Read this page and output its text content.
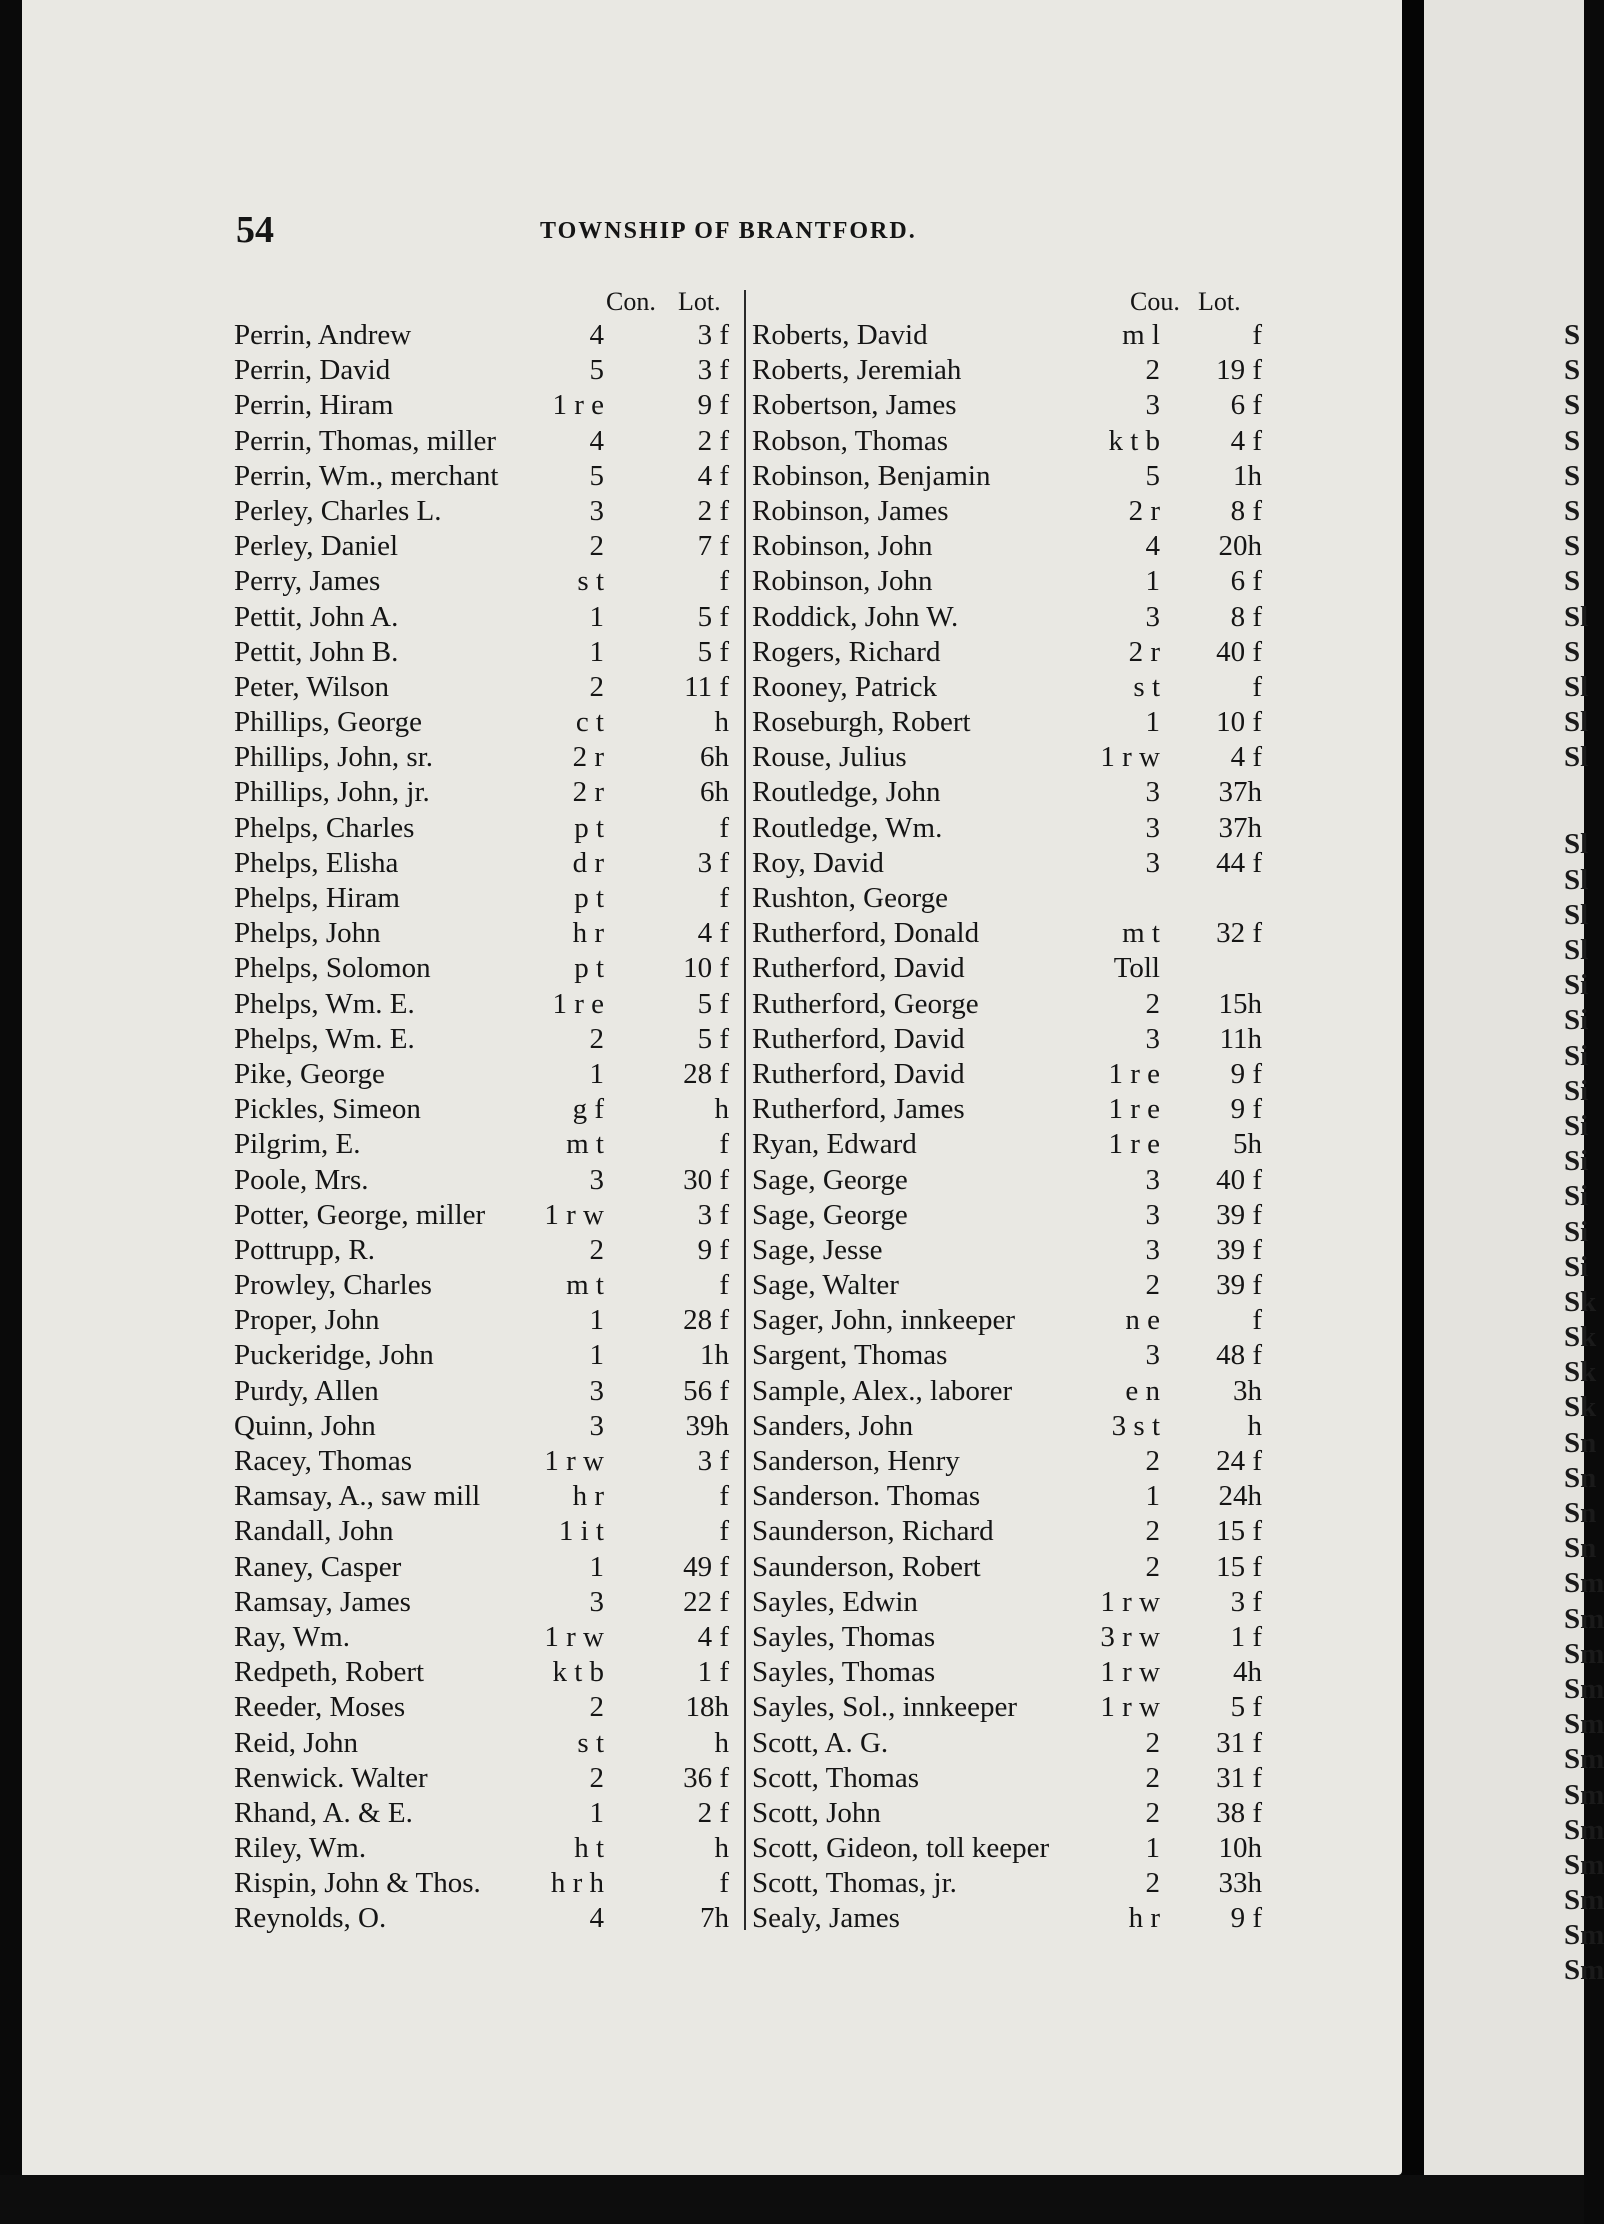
54	TOWNSHIP OF BRANTFORD.

Con. Lot.	Cou. Lot.
Perrin, Andrew	4	3 f
Perrin, David	5	3 f
Perrin, Hiram	1 r e	9 f
Perrin, Thomas, miller	4	2 f
Perrin, Wm., merchant	5	4 f
Perley, Charles L.	3	2 f
Perley, Daniel	2	7 f
Perry, James	s t	f
Pettit, John A.	1	5 f
Pettit, John B.	1	5 f
Peter, Wilson	2	11 f
Phillips, George	c t	h
Phillips, John, sr.	2 r	6h
Phillips, John, jr.	2 r	6h
Phelps, Charles	p t	f
Phelps, Elisha	d r	3 f
Phelps, Hiram	p t	f
Phelps, John	h r	4 f
Phelps, Solomon	p t	10 f
Phelps, Wm. E.	1 r e	5 f
Phelps, Wm. E.	2	5 f
Pike, George	1	28 f
Pickles, Simeon	g f	h
Pilgrim, E.	m t	f
Poole, Mrs.	3	30 f
Potter, George, miller	1 r w	3 f
Pottrupp, R.	2	9 f
Prowley, Charles	m t	f
Proper, John	1	28 f
Puckeridge, John	1	1h
Purdy, Allen	3	56 f
Quinn, John	3	39h
Racey, Thomas	1 r w	3 f
Ramsay, A., saw mill	h r	f
Randall, John	1 i t	f
Raney, Casper	1	49 f
Ramsay, James	3	22 f
Ray, Wm.	1 r w	4 f
Redpeth, Robert	k t b	1 f
Reeder, Moses	2	18h
Reid, John	s t	h
Renwick. Walter	2	36 f
Rhand, A. & E.	1	2 f
Riley, Wm.	h t	h
Rispin, John & Thos.	h r h	f
Reynolds, O.	4	7h
Roberts, David	m l	f
Roberts, Jeremiah	2	19 f
Robertson, James	3	6 f
Robson, Thomas	k t b	4 f
Robinson, Benjamin	5	1h
Robinson, James	2 r	8 f
Robinson, John	4	20h
Robinson, John	1	6 f
Roddick, John W.	3	8 f
Rogers, Richard	2 r	40 f
Rooney, Patrick	s t	f
Roseburgh, Robert	1	10 f
Rouse, Julius	1 r w	4 f
Routledge, John	3	37h
Routledge, Wm.	3	37h
Roy, David	3	44 f
Rushton, George
Rutherford, Donald	m t	32 f
Rutherford, David	Toll
Rutherford, George	2	15h
Rutherford, David	3	11h
Rutherford, David	1 r e	9 f
Rutherford, James	1 r e	9 f
Ryan, Edward	1 r e	5h
Sage, George	3	40 f
Sage, George	3	39 f
Sage, Jesse	3	39 f
Sage, Walter	2	39 f
Sager, John, innkeeper	n e	f
Sargent, Thomas	3	48 f
Sample, Alex., laborer	e n	3h
Sanders, John	3 s t	h
Sanderson, Henry	2	24 f
Sanderson. Thomas	1	24h
Saunderson, Richard	2	15 f
Saunderson, Robert	2	15 f
Sayles, Edwin	1 r w	3 f
Sayles, Thomas	3 r w	1 f
Sayles, Thomas	1 r w	4h
Sayles, Sol., innkeeper	1 r w	5 f
Scott, A. G.	2	31 f
Scott, Thomas	2	31 f
Scott, John	2	38 f
Scott, Gideon, toll keeper	1	10h
Scott, Thomas, jr.	2	33h
Sealy, James	h r	9 f
S
S
S
S
S
S
S
S
Sl
S
Sl
Sl
Sl
Sl
Sl
Sl
Sl
Si
Si
Si
Si
Si
Si
Si
Si
Si
Sk
Sk
Sk
Sk
Sn
Sn
Sn
Sn
Sm
Sm
Sm
Sm
Sm
Sm
Sm
Sm
Sm
Sm
Sm
Sm
